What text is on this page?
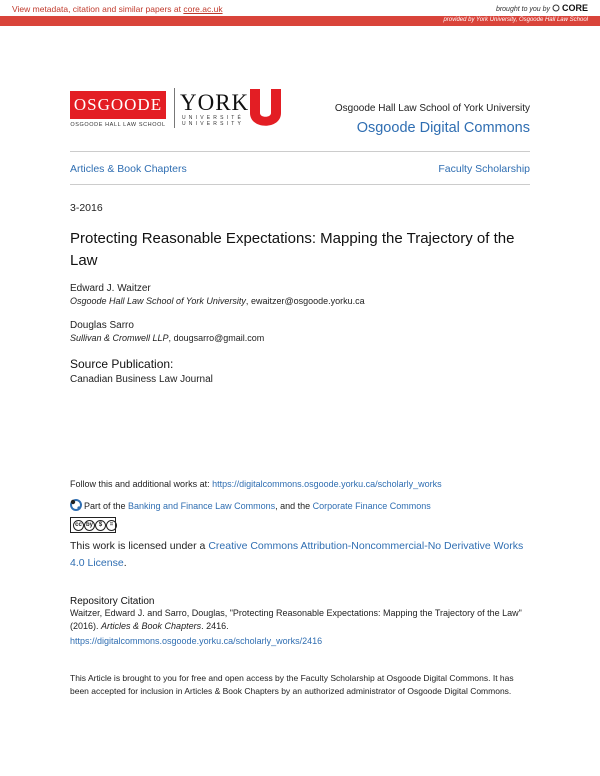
View metadata, citation and similar papers at core.ac.uk	brought to you by CORE
provided by York University, Osgoode Hall Law School
OSGOODE
OSGOODE HALL LAW SCHOOL
YORK
UNIVERSITÉ
UNIVERSITY
Osgoode Hall Law School of York University
Osgoode Digital Commons
Articles & Book Chapters	Faculty Scholarship
3-2016
Protecting Reasonable Expectations: Mapping the Trajectory of the Law
Edward J. Waitzer
Osgoode Hall Law School of York University, ewaitzer@osgoode.yorku.ca
Douglas Sarro
Sullivan & Cromwell LLP, dougsarro@gmail.com
Source Publication:
Canadian Business Law Journal
Follow this and additional works at: https://digitalcommons.osgoode.yorku.ca/scholarly_works
Part of the Banking and Finance Law Commons, and the Corporate Finance Commons
cc by $	=
This work is licensed under a Creative Commons Attribution-Noncommercial-No Derivative Works 4.0 License.
Repository Citation
Waitzer, Edward J. and Sarro, Douglas, "Protecting Reasonable Expectations: Mapping the Trajectory of the Law" (2016). Articles & Book Chapters. 2416.
https://digitalcommons.osgoode.yorku.ca/scholarly_works/2416
This Article is brought to you for free and open access by the Faculty Scholarship at Osgoode Digital Commons. It has been accepted for inclusion in Articles & Book Chapters by an authorized administrator of Osgoode Digital Commons.
